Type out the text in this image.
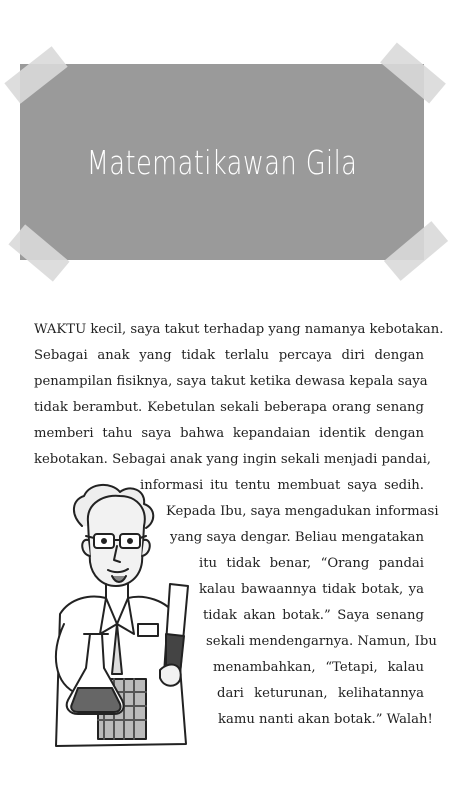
Matematikawan Gila
WAKTU kecil, saya takut terhadap yang namanya kebotakan.
Sebagai anak yang tidak terlalu percaya diri dengan
penampilan fisiknya, saya takut ketika dewasa kepala saya
tidak berambut. Kebetulan sekali beberapa orang senang
memberi tahu saya bahwa kepandaian identik dengan
kebotakan. Sebagai anak yang ingin sekali menjadi pandai,
informasi itu tentu membuat saya sedih.
Kepada Ibu, saya mengadukan informasi
yang saya dengar. Beliau mengatakan
itu tidak benar, “Orang pandai
kalau bawaannya tidak botak, ya
tidak akan botak.” Saya senang
sekali mendengarnya. Namun, Ibu
menambahkan, “Tetapi, kalau
dari keturunan, kelihatannya
kamu nanti akan botak.” Walah!
